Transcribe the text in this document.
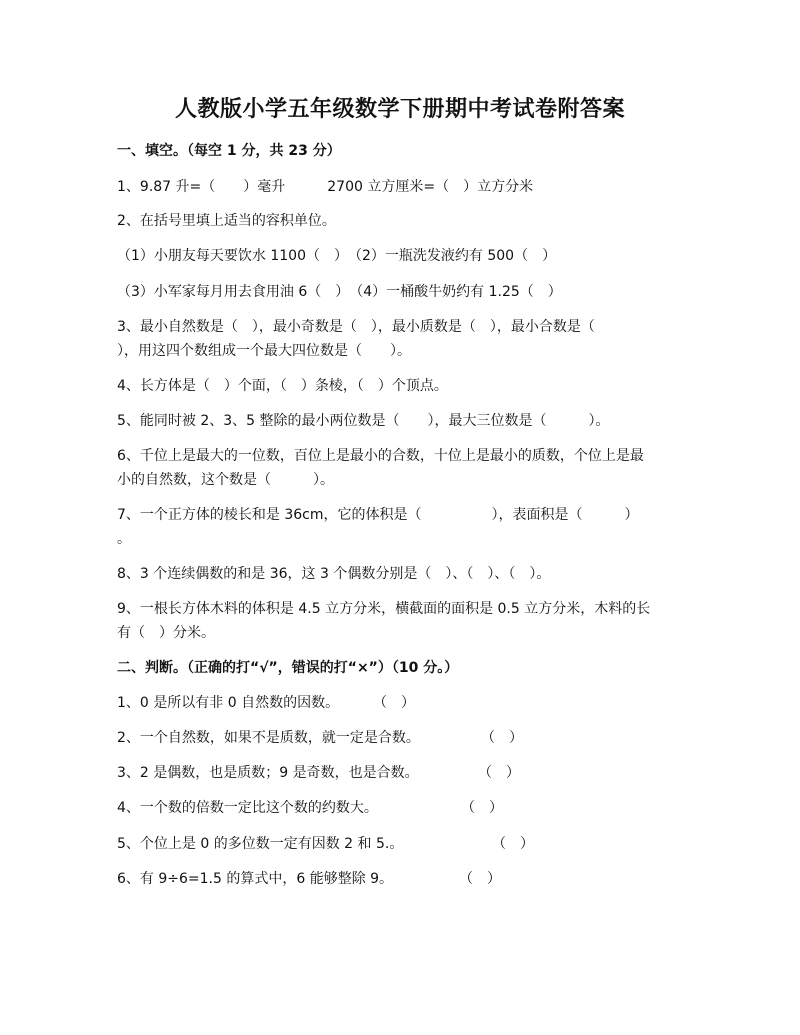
人教版小学五年级数学下册期中考试卷附答案
一、填空。（每空 1 分，共 23 分）
1、9.87 升=（　　）毫升　　　2700 立方厘米=（　）立方分米
2、在括号里填上适当的容积单位。
（1）小朋友每天要饮水 1100（　）　（2）一瓶洗发液约有 500（　）
（3）小军家每月用去食用油 6（　）　（4）一桶酸牛奶约有 1.25（　）
3、最小自然数是（　），最小奇数是（　），最小质数是（　），最小合数是（
），用这四个数组成一个最大四位数是（　　）。
4、长方体是（　）个面，（　）条棱，（　）个顶点。
5、能同时被 2、3、5 整除的最小两位数是（　　），最大三位数是（　　　）。
6、千位上是最大的一位数，百位上是最小的合数，十位上是最小的质数，个位上是最
小的自然数，这个数是（　　　）。
7、一个正方体的棱长和是 36cm，它的体积是（　　　　　），表面积是（　　　）
。
8、3 个连续偶数的和是 36，这 3 个偶数分别是（　）、（　）、（　）。
9、一根长方体木料的体积是 4.5 立方分米，横截面的面积是 0.5 立方分米，木料的长
有（　）分米。
二、判断。（正确的打“√”，错误的打“×”）（10 分。）
1、0 是所以有非 0 自然数的因数。 （　）
2、一个自然数，如果不是质数，就一定是合数。	（　）
3、2 是偶数，也是质数；9 是奇数，也是合数。	（　）
4、一个数的倍数一定比这个数的约数大。	（　）
5、个位上是 0 的多位数一定有因数 2 和 5.。	（　）
6、有 9÷6=1.5 的算式中，6 能够整除 9。	（　）
